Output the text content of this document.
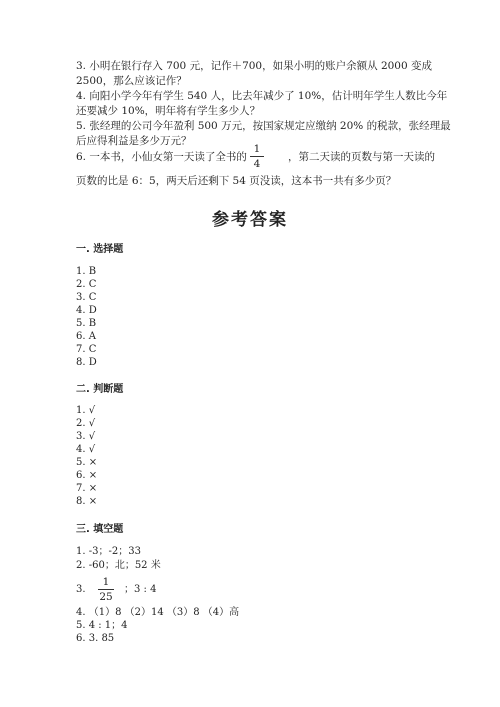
3. 小明在银行存入 700 元，记作＋700，如果小明的账户余额从 2000 变成
2500，那么应该记作？
4. 向阳小学今年有学生 540 人，比去年减少了 10%，估计明年学生人数比今年
还要减少 10%，明年将有学生多少人？
5. 张经理的公司今年盈利 500 万元，按国家规定应缴纳 20% 的税款，张经理最
后应得利益是多少万元？
6. 一本书，小仙女第一天读了全书的
1
4
，第二天读的页数与第一天读的
页数的比是 6：5，两天后还剩下 54 页没读，这本书一共有多少页？
参考答案
一. 选择题
1. B
2. C
3. C
4. D
5. B
6. A
7. C
8. D
二. 判断题
1. √
2. √
3. √
4. √
5. ×
6. ×
7. ×
8. ×
三. 填空题
1. -3；-2；33
2. -60；北；52 米
3.
1
25
；3 : 4
4. （1）8 （2）14 （3）8 （4）高
5. 4 : 1；4
6. 3. 85
